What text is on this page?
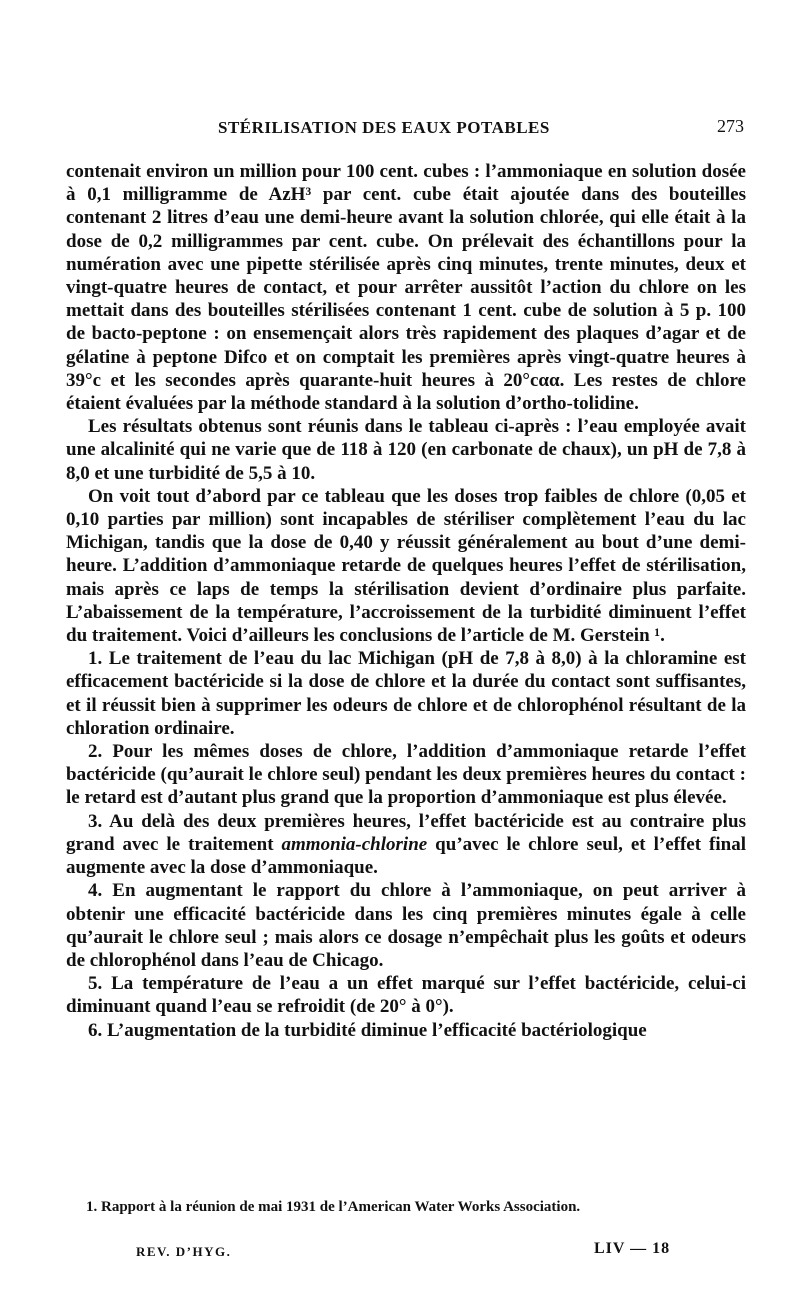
STÉRILISATION DES EAUX POTABLES	273

contenait environ un million pour 100 cent. cubes : l’ammoniaque en solution dosée à 0,1 milligramme de AzH³ par cent. cube était ajoutée dans des bouteilles contenant 2 litres d’eau une demi-heure avant la solution chlorée, qui elle était à la dose de 0,2 milligrammes par cent. cube. On prélevait des échantillons pour la numération avec une pipette stérilisée après cinq minutes, trente minutes, deux et vingt-quatre heures de contact, et pour arrêter aussitôt l’action du chlore on les mettait dans des bouteilles stérilisées contenant 1 cent. cube de solution à 5 p. 100 de bacto-peptone : on ensemençait alors très rapidement des plaques d’agar et de gélatine à peptone Difco et on comptait les premières après vingt-quatre heures à 39°c et les secondes après quarante-huit heures à 20°cαα. Les restes de chlore étaient évaluées par la méthode standard à la solution d’ortho-tolidine.

Les résultats obtenus sont réunis dans le tableau ci-après : l’eau employée avait une alcalinité qui ne varie que de 118 à 120 (en carbonate de chaux), un pH de 7,8 à 8,0 et une turbidité de 5,5 à 10.

On voit tout d’abord par ce tableau que les doses trop faibles de chlore (0,05 et 0,10 parties par million) sont incapables de stériliser complètement l’eau du lac Michigan, tandis que la dose de 0,40 y réussit généralement au bout d’une demi-heure. L’addition d’ammoniaque retarde de quelques heures l’effet de stérilisation, mais après ce laps de temps la stérilisation devient d’ordinaire plus parfaite. L’abaissement de la température, l’accroissement de la turbidité diminuent l’effet du traitement. Voici d’ailleurs les conclusions de l’article de M. Gerstein ¹.

1. Le traitement de l’eau du lac Michigan (pH de 7,8 à 8,0) à la chloramine est efficacement bactéricide si la dose de chlore et la durée du contact sont suffisantes, et il réussit bien à supprimer les odeurs de chlore et de chlorophénol résultant de la chloration ordinaire.

2. Pour les mêmes doses de chlore, l’addition d’ammoniaque retarde l’effet bactéricide (qu’aurait le chlore seul) pendant les deux premières heures du contact : le retard est d’autant plus grand que la proportion d’ammoniaque est plus élevée.

3. Au delà des deux premières heures, l’effet bactéricide est au contraire plus grand avec le traitement ammonia-chlorine qu’avec le chlore seul, et l’effet final augmente avec la dose d’ammoniaque.

4. En augmentant le rapport du chlore à l’ammoniaque, on peut arriver à obtenir une efficacité bactéricide dans les cinq premières minutes égale à celle qu’aurait le chlore seul ; mais alors ce dosage n’empêchait plus les goûts et odeurs de chlorophénol dans l’eau de Chicago.

5. La température de l’eau a un effet marqué sur l’effet bactéricide, celui-ci diminuant quand l’eau se refroidit (de 20° à 0°).

6. L’augmentation de la turbidité diminue l’efficacité bactériologique

1. Rapport à la réunion de mai 1931 de l’American Water Works Association.
REV. D’HYG.	LIV — 18
